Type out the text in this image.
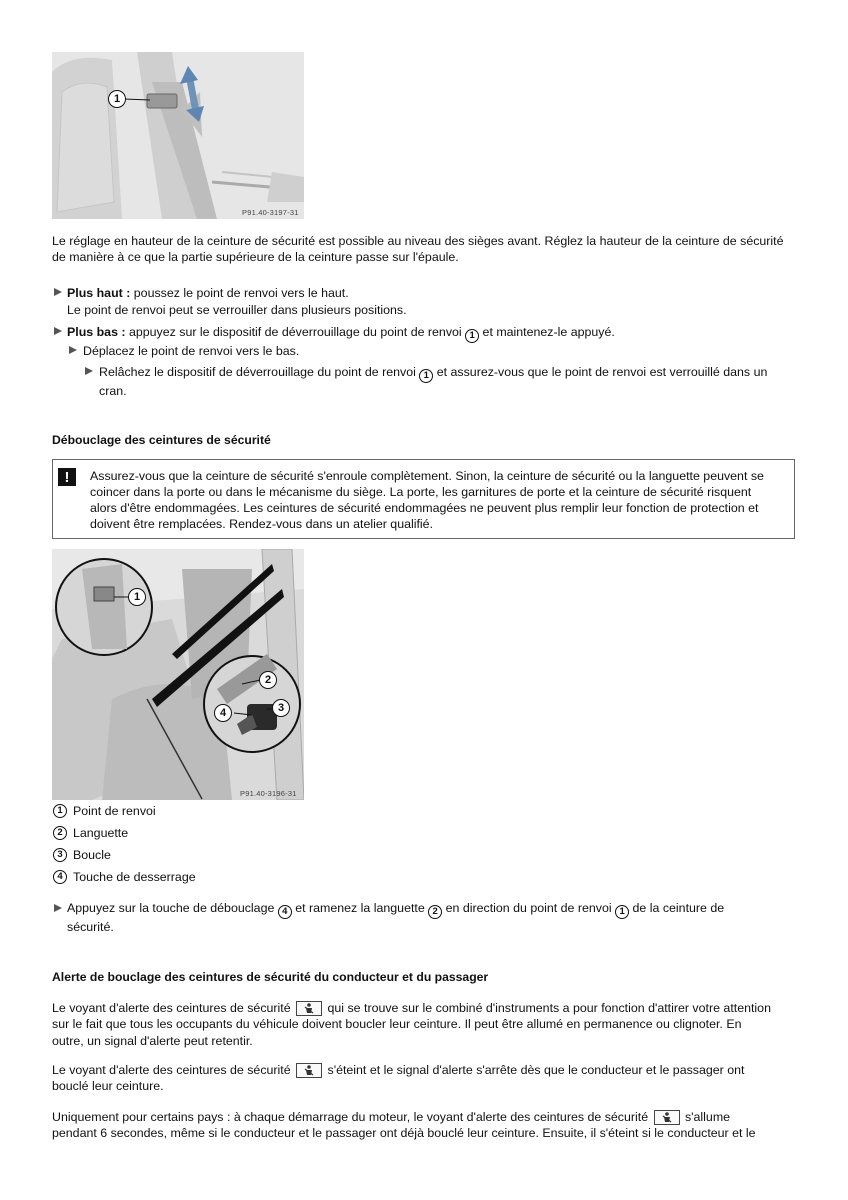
1
P91.40-3197-31

Le réglage en hauteur de la ceinture de sécurité est possible au niveau des sièges avant. Réglez la hauteur de la ceinture de sécurité de manière à ce que la partie supérieure de la ceinture passe sur l'épaule.

Plus haut : poussez le point de renvoi vers le haut.

Le point de renvoi peut se verrouiller dans plusieurs positions.

Plus bas : appuyez sur le dispositif de déverrouillage du point de renvoi 1 et maintenez-le appuyé.

Déplacez le point de renvoi vers le bas.

Relâchez le dispositif de déverrouillage du point de renvoi 1 et assurez-vous que le point de renvoi est verrouillé dans un
cran.

Débouclage des ceintures de sécurité
!	Assurez-vous que la ceinture de sécurité s'enroule complètement. Sinon, la ceinture de sécurité ou la languette peuvent se coincer dans la porte ou dans le mécanisme du siège. La porte, les garnitures de porte et la ceinture de sécurité risquent alors d'être endommagées. Les ceintures de sécurité endommagées ne peuvent plus remplir leur fonction de protection et doivent être remplacées. Rendez-vous dans un atelier qualifié.

1
2
3
4
P91.40-3196-31
1 Point de renvoi
2 Languette
3 Boucle
4 Touche de desserrage

Appuyez sur la touche de débouclage 4 et ramenez la languette 2 en direction du point de renvoi 1 de la ceinture de
sécurité.

Alerte de bouclage des ceintures de sécurité du conducteur et du passager

Le voyant d'alerte des ceintures de sécurité
qui se trouve sur le combiné d'instruments a pour fonction d'attirer votre attention
sur le fait que tous les occupants du véhicule doivent boucler leur ceinture. Il peut être allumé en permanence ou clignoter. En
outre, un signal d'alerte peut retentir.

Le voyant d'alerte des ceintures de sécurité
s'éteint et le signal d'alerte s'arrête dès que le conducteur et le passager ont
bouclé leur ceinture.

Uniquement pour certains pays : à chaque démarrage du moteur, le voyant d'alerte des ceintures de sécurité
s'allume
pendant 6 secondes, même si le conducteur et le passager ont déjà bouclé leur ceinture. Ensuite, il s'éteint si le conducteur et le
